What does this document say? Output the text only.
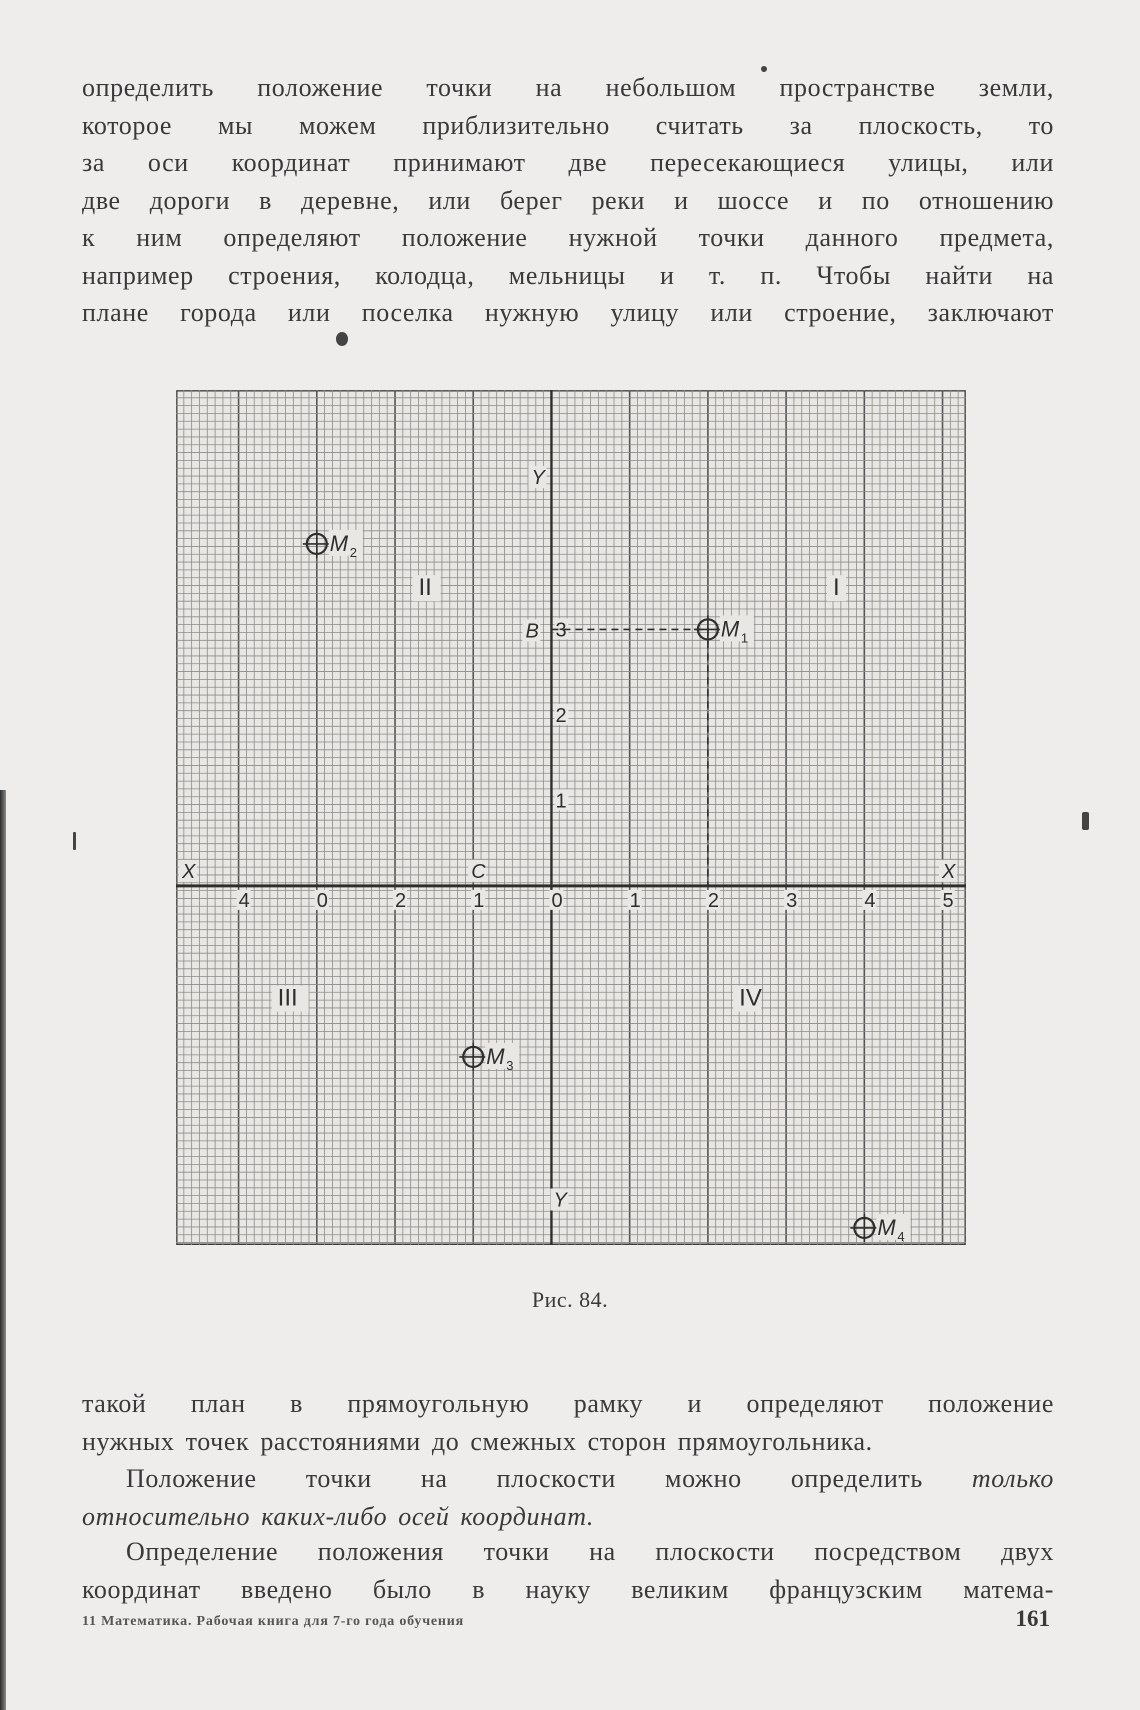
определить положение точки на небольшом пространстве земли,
которое мы можем приблизительно считать за плоскость, то
за оси координат принимают две пересекающиеся улицы, или
две дороги в деревне, или берег реки и шоссе и по отношению
к ним определяют положение нужной точки данного предмета,
например строения, колодца, мельницы и т. п. Чтобы найти на
плане города или поселка нужную улицу или строение, заключают
4	0	2	1	0	1	2	3	4	5
1
2
3
Y
Y
X	X
B
C
I
II
III	IV
M 1
M 2
M 3
M 4
Рис. 84.
такой план в прямоугольную рамку и определяют положение
нужных точек расстояниями до смежных сторон прямоугольника.
Положение точки на плоскости можно определить только
относительно каких-либо осей координат.
Определение положения точки на плоскости посредством двух
координат введено было в науку великим французским матема-
11 Математика. Рабочая книга для 7-го года обучения	161
